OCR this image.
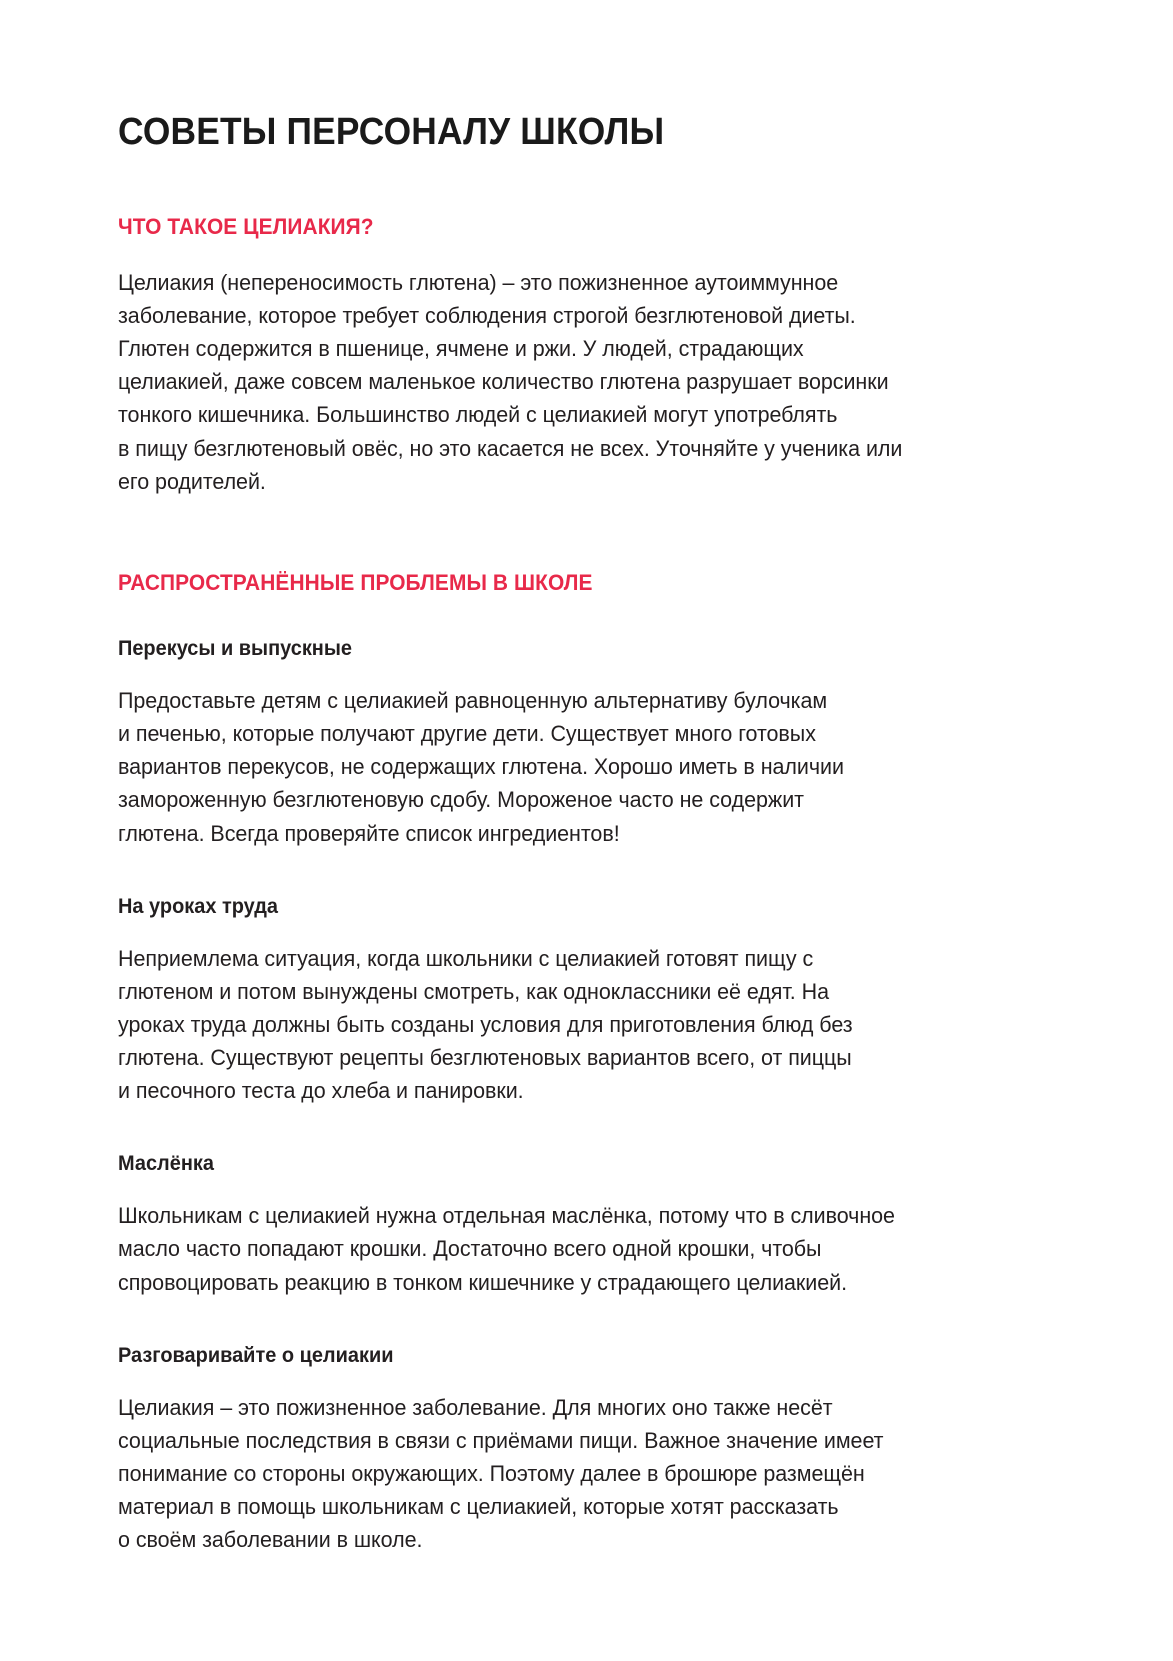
СОВЕТЫ ПЕРСОНАЛУ ШКОЛЫ
ЧТО ТАКОЕ ЦЕЛИАКИЯ?

Целиакия (непереносимость глютена) – это пожизненное аутоиммунное
заболевание, которое требует соблюдения строгой безглютеновой диеты.
Глютен содержится в пшенице, ячмене и ржи. У людей, страдающих
целиакией, даже совсем маленькое количество глютена разрушает ворсинки
тонкого кишечника. Большинство людей с целиакией могут употреблять
в пищу безглютеновый овёс, но это касается не всех. Уточняйте у ученика или
его родителей.

РАСПРОСТРАНЁННЫЕ ПРОБЛЕМЫ В ШКОЛЕ
Перекусы и выпускные

Предоставьте детям с целиакией равноценную альтернативу булочкам
и печенью, которые получают другие дети. Существует много готовых
вариантов перекусов, не содержащих глютена. Хорошо иметь в наличии
замороженную безглютеновую сдобу. Мороженое часто не содержит
глютена. Всегда проверяйте список ингредиентов!

На уроках труда

Неприемлема ситуация, когда школьники с целиакией готовят пищу с
глютеном и потом вынуждены смотреть, как одноклассники её едят. На
уроках труда должны быть созданы условия для приготовления блюд без
глютена. Существуют рецепты безглютеновых вариантов всего, от пиццы
и песочного теста до хлеба и панировки.

Маслёнка

Школьникам с целиакией нужна отдельная маслёнка, потому что в сливочное
масло часто попадают крошки. Достаточно всего одной крошки, чтобы
спровоцировать реакцию в тонком кишечнике у страдающего целиакией.

Разговаривайте о целиакии

Целиакия – это пожизненное заболевание. Для многих оно также несёт
социальные последствия в связи с приёмами пищи. Важное значение имеет
понимание со стороны окружающих. Поэтому далее в брошюре размещён
материал в помощь школьникам с целиакией, которые хотят рассказать
о своём заболевании в школе.
